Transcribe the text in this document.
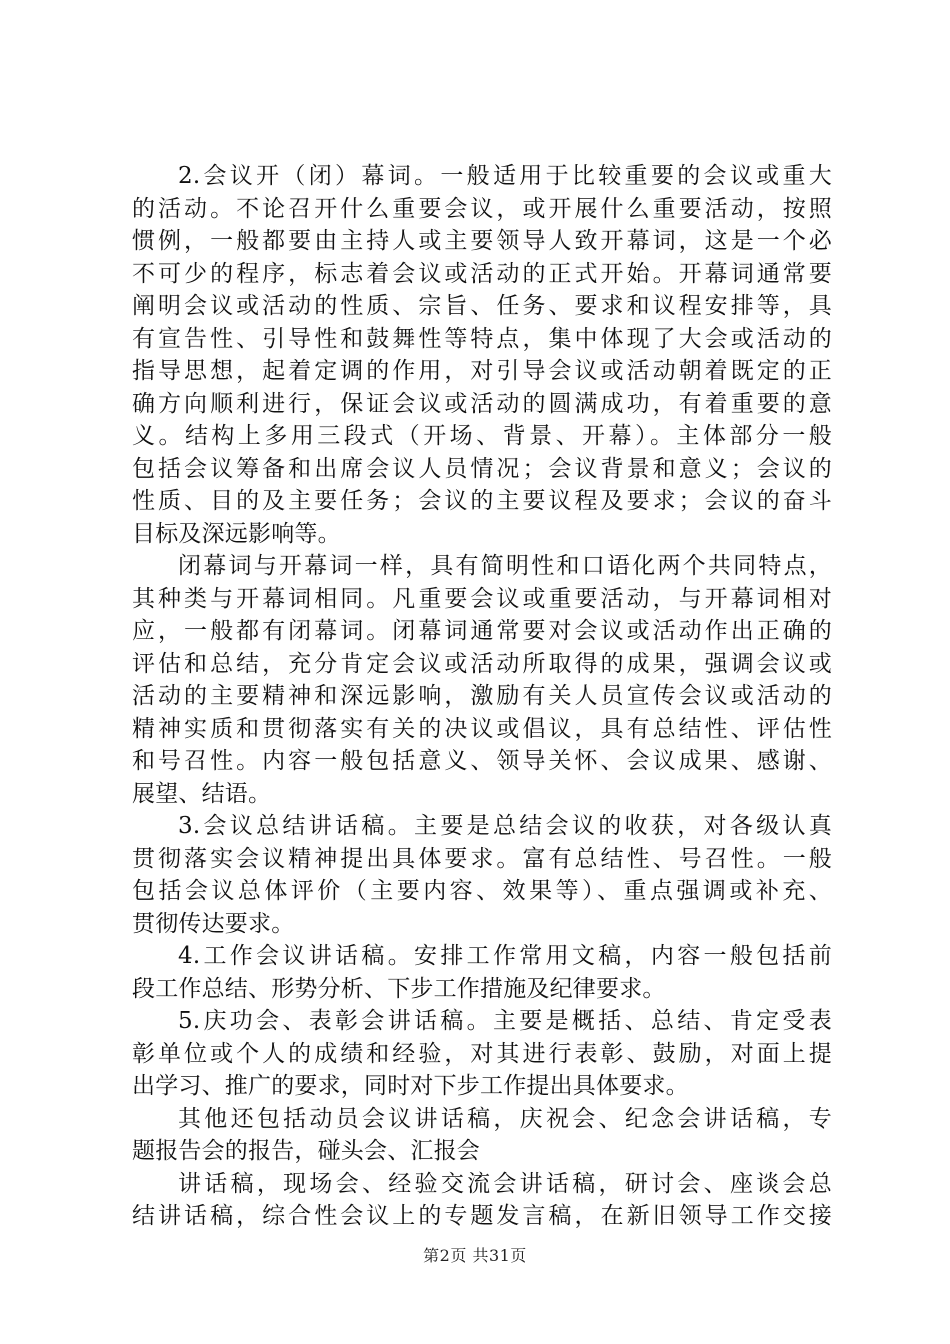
2.会议开（闭）幕词。一般适用于比较重要的会议或重大
的活动。不论召开什么重要会议，或开展什么重要活动，按照
惯例，一般都要由主持人或主要领导人致开幕词，这是一个必
不可少的程序，标志着会议或活动的正式开始。开幕词通常要
阐明会议或活动的性质、宗旨、任务、要求和议程安排等，具
有宣告性、引导性和鼓舞性等特点，集中体现了大会或活动的
指导思想，起着定调的作用，对引导会议或活动朝着既定的正
确方向顺利进行，保证会议或活动的圆满成功，有着重要的意
义。结构上多用三段式（开场、背景、开幕）。主体部分一般
包括会议筹备和出席会议人员情况；会议背景和意义；会议的
性质、目的及主要任务；会议的主要议程及要求；会议的奋斗
目标及深远影响等。
闭幕词与开幕词一样，具有简明性和口语化两个共同特点，
其种类与开幕词相同。凡重要会议或重要活动，与开幕词相对
应，一般都有闭幕词。闭幕词通常要对会议或活动作出正确的
评估和总结，充分肯定会议或活动所取得的成果，强调会议或
活动的主要精神和深远影响，激励有关人员宣传会议或活动的
精神实质和贯彻落实有关的决议或倡议，具有总结性、评估性
和号召性。内容一般包括意义、领导关怀、会议成果、感谢、
展望、结语。
3.会议总结讲话稿。主要是总结会议的收获，对各级认真
贯彻落实会议精神提出具体要求。富有总结性、号召性。一般
包括会议总体评价（主要内容、效果等）、重点强调或补充、
贯彻传达要求。
4.工作会议讲话稿。安排工作常用文稿，内容一般包括前
段工作总结、形势分析、下步工作措施及纪律要求。
5.庆功会、表彰会讲话稿。主要是概括、总结、肯定受表
彰单位或个人的成绩和经验，对其进行表彰、鼓励，对面上提
出学习、推广的要求，同时对下步工作提出具体要求。
其他还包括动员会议讲话稿，庆祝会、纪念会讲话稿，专
题报告会的报告，碰头会、汇报会
讲话稿，现场会、经验交流会讲话稿，研讨会、座谈会总
结讲话稿，综合性会议上的专题发言稿，在新旧领导工作交接
第2页 共31页
